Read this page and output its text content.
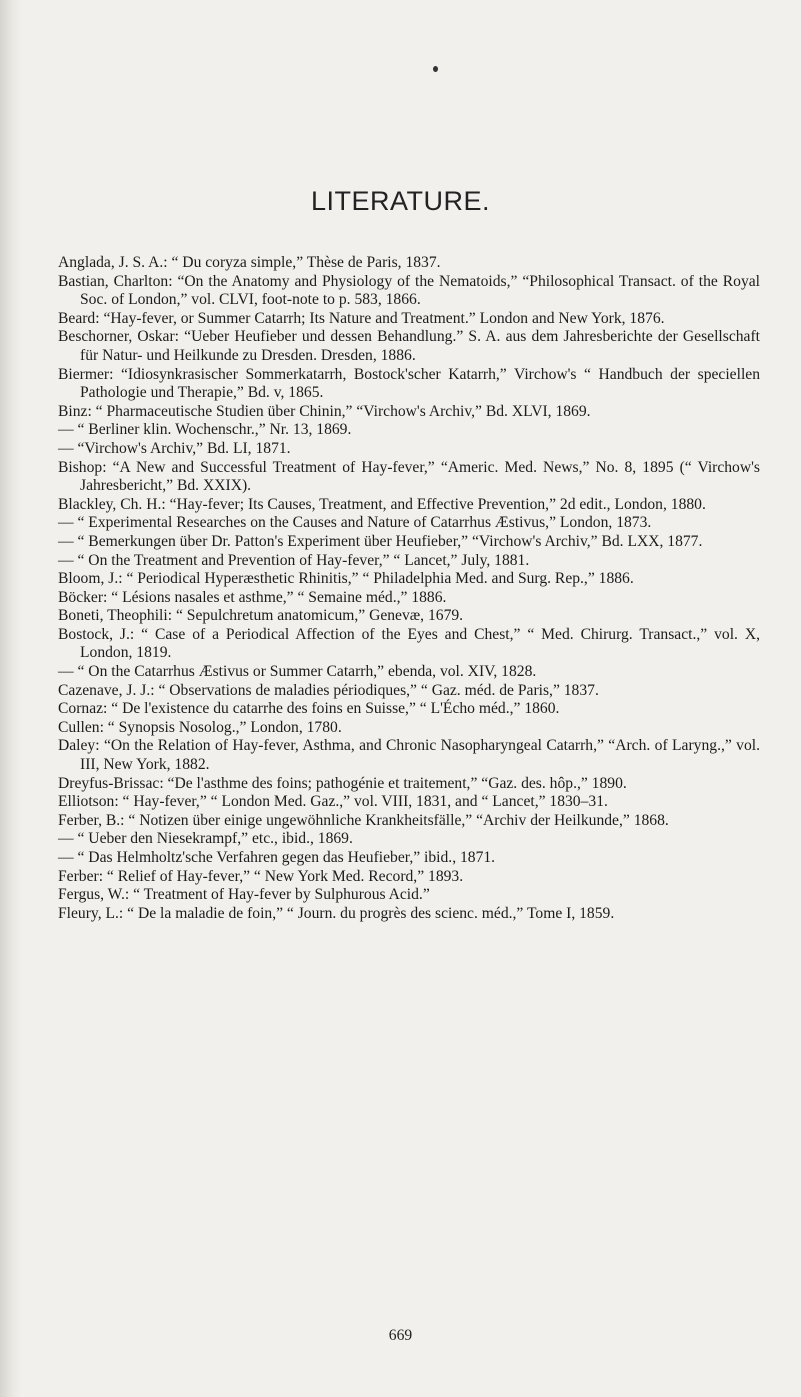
LITERATURE.

Anglada, J. S. A.: “ Du coryza simple,” Thèse de Paris, 1837.

Bastian, Charlton: “On the Anatomy and Physiology of the Nematoids,” “Philosophical Transact. of the Royal Soc. of London,” vol. CLVI, foot-note to p. 583, 1866.

Beard: “Hay-fever, or Summer Catarrh; Its Nature and Treatment.” London and New York, 1876.

Beschorner, Oskar: “Ueber Heufieber und dessen Behandlung.” S. A. aus dem Jahresberichte der Gesellschaft für Natur- und Heilkunde zu Dresden. Dresden, 1886.

Biermer: “Idiosynkrasischer Sommerkatarrh, Bostock'scher Katarrh,” Virchow's “ Handbuch der speciellen Pathologie und Therapie,” Bd. v, 1865.

Binz: “ Pharmaceutische Studien über Chinin,” “Virchow's Archiv,” Bd. XLVI, 1869.

— “ Berliner klin. Wochenschr.,” Nr. 13, 1869.

— “Virchow's Archiv,” Bd. LI, 1871.

Bishop: “A New and Successful Treatment of Hay-fever,” “Americ. Med. News,” No. 8, 1895 (“ Virchow's Jahresbericht,” Bd. XXIX).

Blackley, Ch. H.: “Hay-fever; Its Causes, Treatment, and Effective Prevention,” 2d edit., London, 1880.

— “ Experimental Researches on the Causes and Nature of Catarrhus Æstivus,” London, 1873.

— “ Bemerkungen über Dr. Patton's Experiment über Heufieber,” “Virchow's Archiv,” Bd. LXX, 1877.

— “ On the Treatment and Prevention of Hay-fever,” “ Lancet,” July, 1881.

Bloom, J.: “ Periodical Hyperæsthetic Rhinitis,” “ Philadelphia Med. and Surg. Rep.,” 1886.

Böcker: “ Lésions nasales et asthme,” “ Semaine méd.,” 1886.

Boneti, Theophili: “ Sepulchretum anatomicum,” Genevæ, 1679.

Bostock, J.: “ Case of a Periodical Affection of the Eyes and Chest,” “ Med. Chirurg. Transact.,” vol. X, London, 1819.

— “ On the Catarrhus Æstivus or Summer Catarrh,” ebenda, vol. XIV, 1828.

Cazenave, J. J.: “ Observations de maladies périodiques,” “ Gaz. méd. de Paris,” 1837.

Cornaz: “ De l'existence du catarrhe des foins en Suisse,” “ L'Écho méd.,” 1860.

Cullen: “ Synopsis Nosolog.,” London, 1780.

Daley: “On the Relation of Hay-fever, Asthma, and Chronic Nasopharyngeal Catarrh,” “Arch. of Laryng.,” vol. III, New York, 1882.

Dreyfus-Brissac: “De l'asthme des foins; pathogénie et traitement,” “Gaz. des. hôp.,” 1890.

Elliotson: “ Hay-fever,” “ London Med. Gaz.,” vol. VIII, 1831, and “ Lancet,” 1830–31.

Ferber, B.: “ Notizen über einige ungewöhnliche Krankheitsfälle,” “Archiv der Heilkunde,” 1868.

— “ Ueber den Niesekrampf,” etc., ibid., 1869.

— “ Das Helmholtz'sche Verfahren gegen das Heufieber,” ibid., 1871.

Ferber: “ Relief of Hay-fever,” “ New York Med. Record,” 1893.

Fergus, W.: “ Treatment of Hay-fever by Sulphurous Acid.”

Fleury, L.: “ De la maladie de foin,” “ Journ. du progrès des scienc. méd.,” Tome I, 1859.

669
